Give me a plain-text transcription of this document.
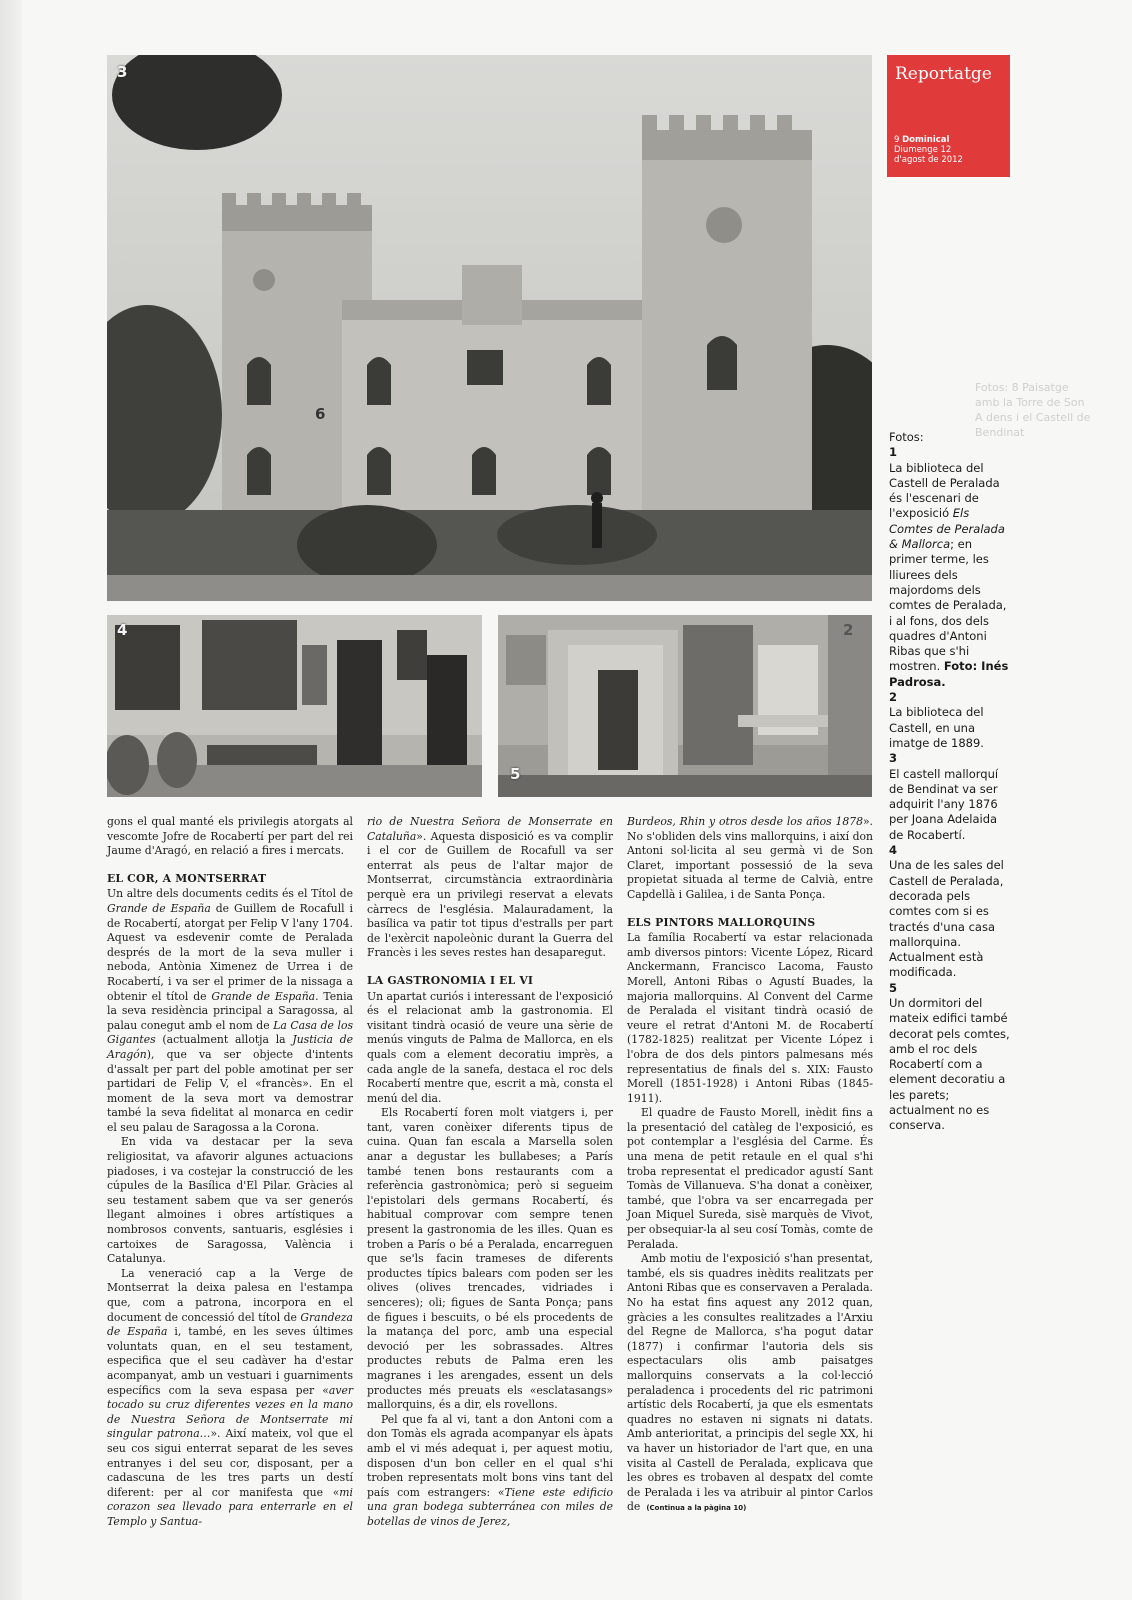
3
6
4
5
2
Reportatge
9 Dominical
Diumenge 12
d'agost de 2012
Fotos: 8 Paisatge amb la Torre de Son A dens i el Castell de Bendinat
Fotos:
1
La biblioteca del Castell de Peralada és l'escenari de l'exposició Els Comtes de Peralada & Mallorca; en primer terme, les lliurees dels majordoms dels comtes de Peralada, i al fons, dos dels quadres d'Antoni Ribas que s'hi mostren. Foto: Inés Padrosa.
2
La biblioteca del Castell, en una imatge de 1889.
3
El castell mallorquí de Bendinat va ser adquirit l'any 1876 per Joana Adelaida de Rocabertí.
4
Una de les sales del Castell de Peralada, decorada pels comtes com si es tractés d'una casa mallorquina. Actualment està modificada.
5
Un dormitori del mateix edifici també decorat pels comtes, amb el roc dels Rocabertí com a element decoratiu a les parets; actualment no es conserva.

gons el qual manté els privilegis atorgats al vescomte Jofre de Rocabertí per part del rei Jaume d'Aragó, en relació a fires i mercats.

EL COR, A MONTSERRAT

Un altre dels documents cedits és el Títol de Grande de España de Guillem de Rocafull i de Rocabertí, atorgat per Felip V l'any 1704. Aquest va esdevenir comte de Peralada després de la mort de la seva muller i neboda, Antònia Ximenez de Urrea i de Rocabertí, i va ser el primer de la nissaga a obtenir el títol de Grande de España. Tenia la seva residència principal a Saragossa, al palau conegut amb el nom de La Casa de los Gigantes (actualment allotja la Justicia de Aragón), que va ser objecte d'intents d'assalt per part del poble amotinat per ser partidari de Felip V, el «francès». En el moment de la seva mort va demostrar també la seva fidelitat al monarca en cedir el seu palau de Saragossa a la Corona.

En vida va destacar per la seva religiositat, va afavorir algunes actuacions piadoses, i va costejar la construcció de les cúpules de la Basílica d'El Pilar. Gràcies al seu testament sabem que va ser generós llegant almoines i obres artístiques a nombrosos convents, santuaris, esglésies i cartoixes de Saragossa, València i Catalunya.

La veneració cap a la Verge de Montserrat la deixa palesa en l'estampa que, com a patrona, incorpora en el document de concessió del títol de Grandeza de España i, també, en les seves últimes voluntats quan, en el seu testament, especifica que el seu cadàver ha d'estar acompanyat, amb un vestuari i guarniments específics com la seva espasa per «aver tocado su cruz diferentes vezes en la mano de Nuestra Señora de Montserrate mi singular patrona…». Així mateix, vol que el seu cos sigui enterrat separat de les seves entranyes i del seu cor, disposant, per a cadascuna de les tres parts un destí diferent: per al cor manifesta que «mi corazon sea llevado para enterrarle en el Templo y Santua-

rio de Nuestra Señora de Monserrate en Cataluña». Aquesta disposició es va complir i el cor de Guillem de Rocafull va ser enterrat als peus de l'altar major de Montserrat, circumstància extraordinària perquè era un privilegi reservat a elevats càrrecs de l'església. Malauradament, la basílica va patir tot tipus d'estralls per part de l'exèrcit napoleònic durant la Guerra del Francès i les seves restes han desaparegut.

LA GASTRONOMIA I EL VI

Un apartat curiós i interessant de l'exposició és el relacionat amb la gastronomia. El visitant tindrà ocasió de veure una sèrie de menús vinguts de Palma de Mallorca, en els quals com a element decoratiu imprès, a cada angle de la sanefa, destaca el roc dels Rocabertí mentre que, escrit a mà, consta el menú del dia.

Els Rocabertí foren molt viatgers i, per tant, varen conèixer diferents tipus de cuina. Quan fan escala a Marsella solen anar a degustar les bullabeses; a París també tenen bons restaurants com a referència gastronòmica; però si segueim l'epistolari dels germans Rocabertí, és habitual comprovar com sempre tenen present la gastronomia de les illes. Quan es troben a París o bé a Peralada, encarreguen que se'ls facin trameses de diferents productes típics balears com poden ser les olives (olives trencades, vidriades i senceres); oli; figues de Santa Ponça; pans de figues i bescuits, o bé els procedents de la matança del porc, amb una especial devoció per les sobrassades. Altres productes rebuts de Palma eren les magranes i les arengades, essent un dels productes més preuats els «esclatasangs» mallorquins, és a dir, els rovellons.

Pel que fa al vi, tant a don Antoni com a don Tomàs els agrada acompanyar els àpats amb el vi més adequat i, per aquest motiu, disposen d'un bon celler en el qual s'hi troben representats molt bons vins tant del país com estrangers: «Tiene este edificio una gran bodega subterránea con miles de botellas de vinos de Jerez,

Burdeos, Rhin y otros desde los años 1878». No s'obliden dels vins mallorquins, i així don Antoni sol·licita al seu germà vi de Son Claret, important possessió de la seva propietat situada al terme de Calvià, entre Capdellà i Galilea, i de Santa Ponça.

ELS PINTORS MALLORQUINS

La família Rocabertí va estar relacionada amb diversos pintors: Vicente López, Ricard Anckermann, Francisco Lacoma, Fausto Morell, Antoni Ribas o Agustí Buades, la majoria mallorquins. Al Convent del Carme de Peralada el visitant tindrà ocasió de veure el retrat d'Antoni M. de Rocabertí (1782-1825) realitzat per Vicente López i l'obra de dos dels pintors palmesans més representatius de finals del s. XIX: Fausto Morell (1851-1928) i Antoni Ribas (1845-1911).

El quadre de Fausto Morell, inèdit fins a la presentació del catàleg de l'exposició, es pot contemplar a l'església del Carme. És una mena de petit retaule en el qual s'hi troba representat el predicador agustí Sant Tomàs de Villanueva. S'ha donat a conèixer, també, que l'obra va ser encarregada per Joan Miquel Sureda, sisè marquès de Vivot, per obsequiar-la al seu cosí Tomàs, comte de Peralada.

Amb motiu de l'exposició s'han presentat, també, els sis quadres inèdits realitzats per Antoni Ribas que es conservaven a Peralada. No ha estat fins aquest any 2012 quan, gràcies a les consultes realitzades a l'Arxiu del Regne de Mallorca, s'ha pogut datar (1877) i confirmar l'autoria dels sis espectaculars olis amb paisatges mallorquins conservats a la col·lecció peraladenca i procedents del ric patrimoni artístic dels Rocabertí, ja que els esmentats quadres no estaven ni signats ni datats. Amb anterioritat, a principis del segle XX, hi va haver un historiador de l'art que, en una visita al Castell de Peralada, explicava que les obres es trobaven al despatx del comte de Peralada i les va atribuir al pintor Carlos de (Continua a la pàgina 10)
